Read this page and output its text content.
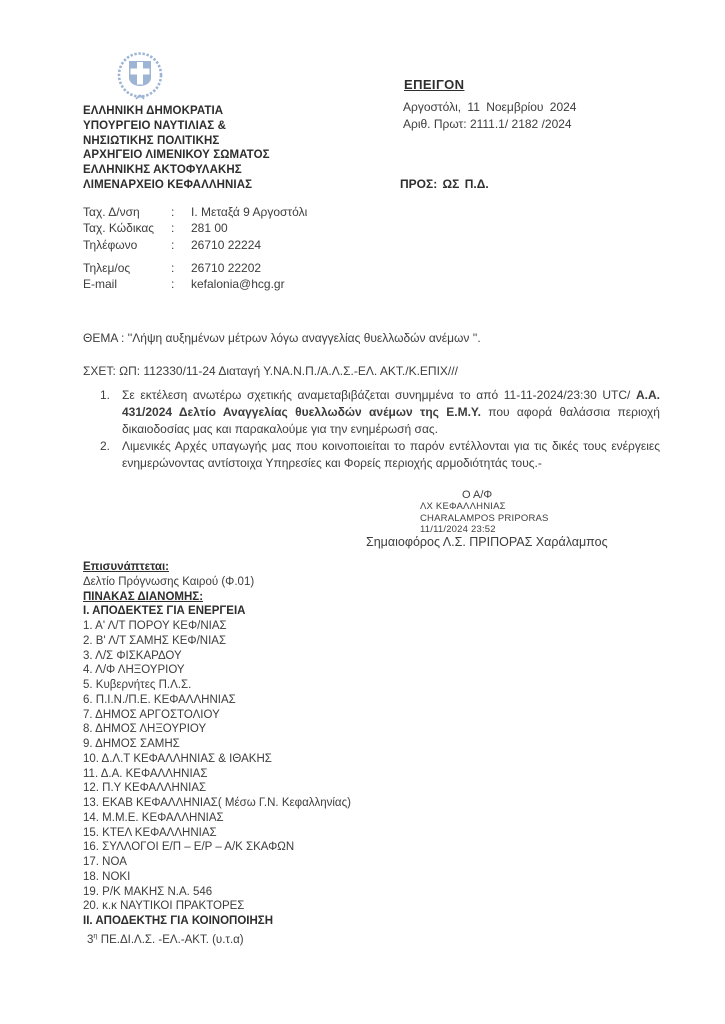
ΕΛΛΗΝΙΚΗ ΔΗΜΟΚΡΑΤΙΑ
ΥΠΟΥΡΓΕΙΟ ΝΑΥΤΙΛΙΑΣ &
ΝΗΣΙΩΤΙΚΗΣ ΠΟΛΙΤΙΚΗΣ
ΑΡΧΗΓΕΙΟ ΛΙΜΕΝΙΚΟΥ ΣΩΜΑΤΟΣ
ΕΛΛΗΝΙΚΗΣ ΑΚΤΟΦΥΛΑΚΗΣ
ΛΙΜΕΝΑΡΧΕΙΟ ΚΕΦΑΛΛΗΝΙΑΣ
ΕΠΕΙΓΟΝ
Αργοστόλι, 11 Νοεμβρίου 2024
Αριθ. Πρωτ: 2111.1/ 2182 /2024
ΠΡΟΣ: ΩΣ Π.Δ.
Ταχ. Δ/νση	:	Ι. Μεταξά 9 Αργοστόλι
Ταχ. Κώδικας	:	281 00
Τηλέφωνο	:	26710 22224
Τηλεμ/ος	:	26710 22202
E-mail	:	kefalonia@hcg.gr
ΘΕΜΑ : ''Λήψη αυξημένων μέτρων λόγω αναγγελίας θυελλωδών ανέμων ''.
ΣΧΕΤ: ΩΠ: 112330/11-24 Διαταγή Υ.ΝΑ.Ν.Π./Α.Λ.Σ.-ΕΛ. ΑΚΤ./Κ.ΕΠΙΧ///
1. Σε εκτέλεση ανωτέρω σχετικής αναμεταβιβάζεται συνημμένα το από 11-11-2024/23:30 UTC/ Α.Α. 431/2024 Δελτίο Αναγγελίας θυελλωδών ανέμων της Ε.Μ.Υ. που αφορά θαλάσσια περιοχή δικαιοδοσίας μας και παρακαλούμε για την ενημέρωσή σας.
2. Λιμενικές Αρχές υπαγωγής μας που κοινοποιείται το παρόν εντέλλονται για τις δικές τους ενέργειες ενημερώνοντας αντίστοιχα Υπηρεσίες και Φορείς περιοχής αρμοδιότητάς τους.-
Ο Α/Φ
ΛΧ ΚΕΦΑΛΛΗΝΙΑΣ
CHARALAMPOS PRIPORAS
11/11/2024 23:52
Σημαιοφόρος Λ.Σ. ΠΡΙΠΟΡΑΣ Χαράλαμπος
Επισυνάπτεται:
Δελτίο Πρόγνωσης Καιρού (Φ.01)
ΠΙΝΑΚΑΣ ΔΙΑΝΟΜΗΣ:
Ι. ΑΠΟΔΕΚΤΕΣ ΓΙΑ ΕΝΕΡΓΕΙΑ
1. Α' Λ/Τ ΠΟΡΟΥ ΚΕΦ/ΝΙΑΣ
2. Β' Λ/Τ ΣΑΜΗΣ ΚΕΦ/ΝΙΑΣ
3. Λ/Σ ΦΙΣΚΑΡΔΟΥ
4. Λ/Φ ΛΗΞΟΥΡΙΟΥ
5. Κυβερνήτες Π.Λ.Σ.
6. Π.Ι.Ν./Π.Ε. ΚΕΦΑΛΛΗΝΙΑΣ
7. ΔΗΜΟΣ ΑΡΓΟΣΤΟΛΙΟΥ
8. ΔΗΜΟΣ ΛΗΞΟΥΡΙΟΥ
9. ΔΗΜΟΣ ΣΑΜΗΣ
10. Δ.Λ.Τ ΚΕΦΑΛΛΗΝΙΑΣ & ΙΘΑΚΗΣ
11. Δ.Α. ΚΕΦΑΛΛΗΝΙΑΣ
12. Π.Υ ΚΕΦΑΛΛΗΝΙΑΣ
13. ΕΚΑΒ ΚΕΦΑΛΛΗΝΙΑΣ( Μέσω Γ.Ν. Κεφαλληνίας)
14. Μ.Μ.Ε. ΚΕΦΑΛΛΗΝΙΑΣ
15. ΚΤΕΛ ΚΕΦΑΛΛΗΝΙΑΣ
16. ΣΥΛΛΟΓΟΙ Ε/Π – Ε/Ρ – Α/Κ ΣΚΑΦΩΝ
17. ΝΟΑ
18. ΝΟΚΙ
19. Ρ/Κ ΜΑΚΗΣ Ν.Α. 546
20. κ.κ ΝΑΥΤΙΚΟΙ ΠΡΑΚΤΟΡΕΣ
ΙΙ. ΑΠΟΔΕΚΤΗΣ ΓΙΑ ΚΟΙΝΟΠΟΙΗΣΗ
$3^\eta$ ΠΕ.ΔΙ.Λ.Σ. -ΕΛ.-ΑΚΤ. (υ.τ.α)
